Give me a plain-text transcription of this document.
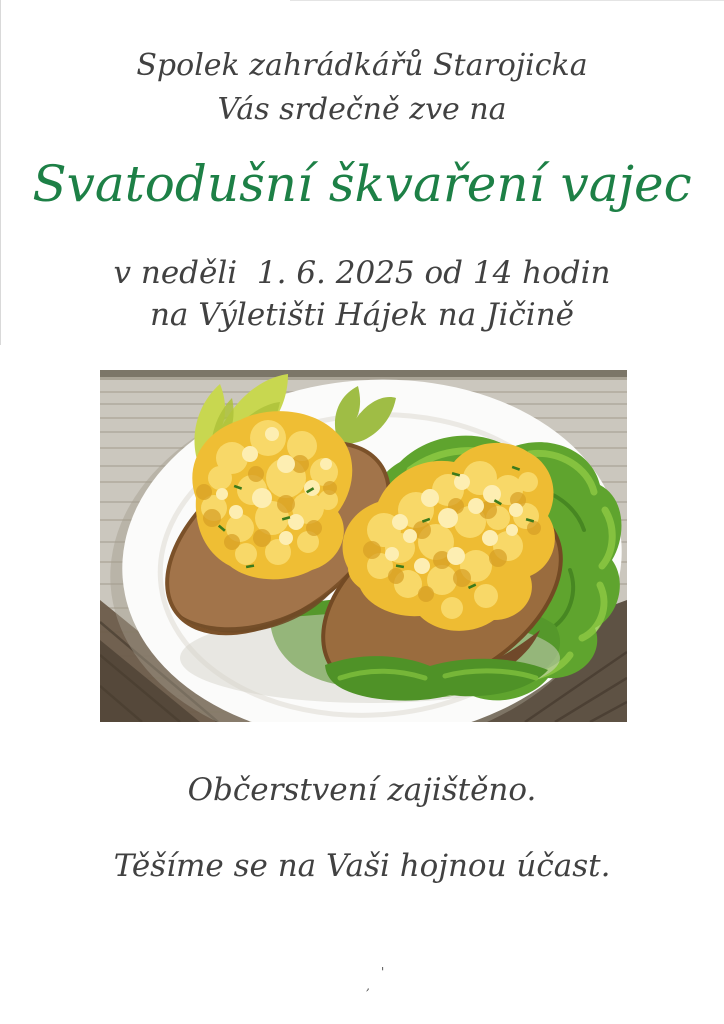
Spolek zahrádkářů Starojicka
Vás srdečně zve na
Svatodušní škvaření vajec
v neděli  1. 6. 2025 od 14 hodin
na Výletišti Hájek na Jičině
Občerstvení zajištěno.
Těšíme se na Vaši hojnou účast.
'
,
